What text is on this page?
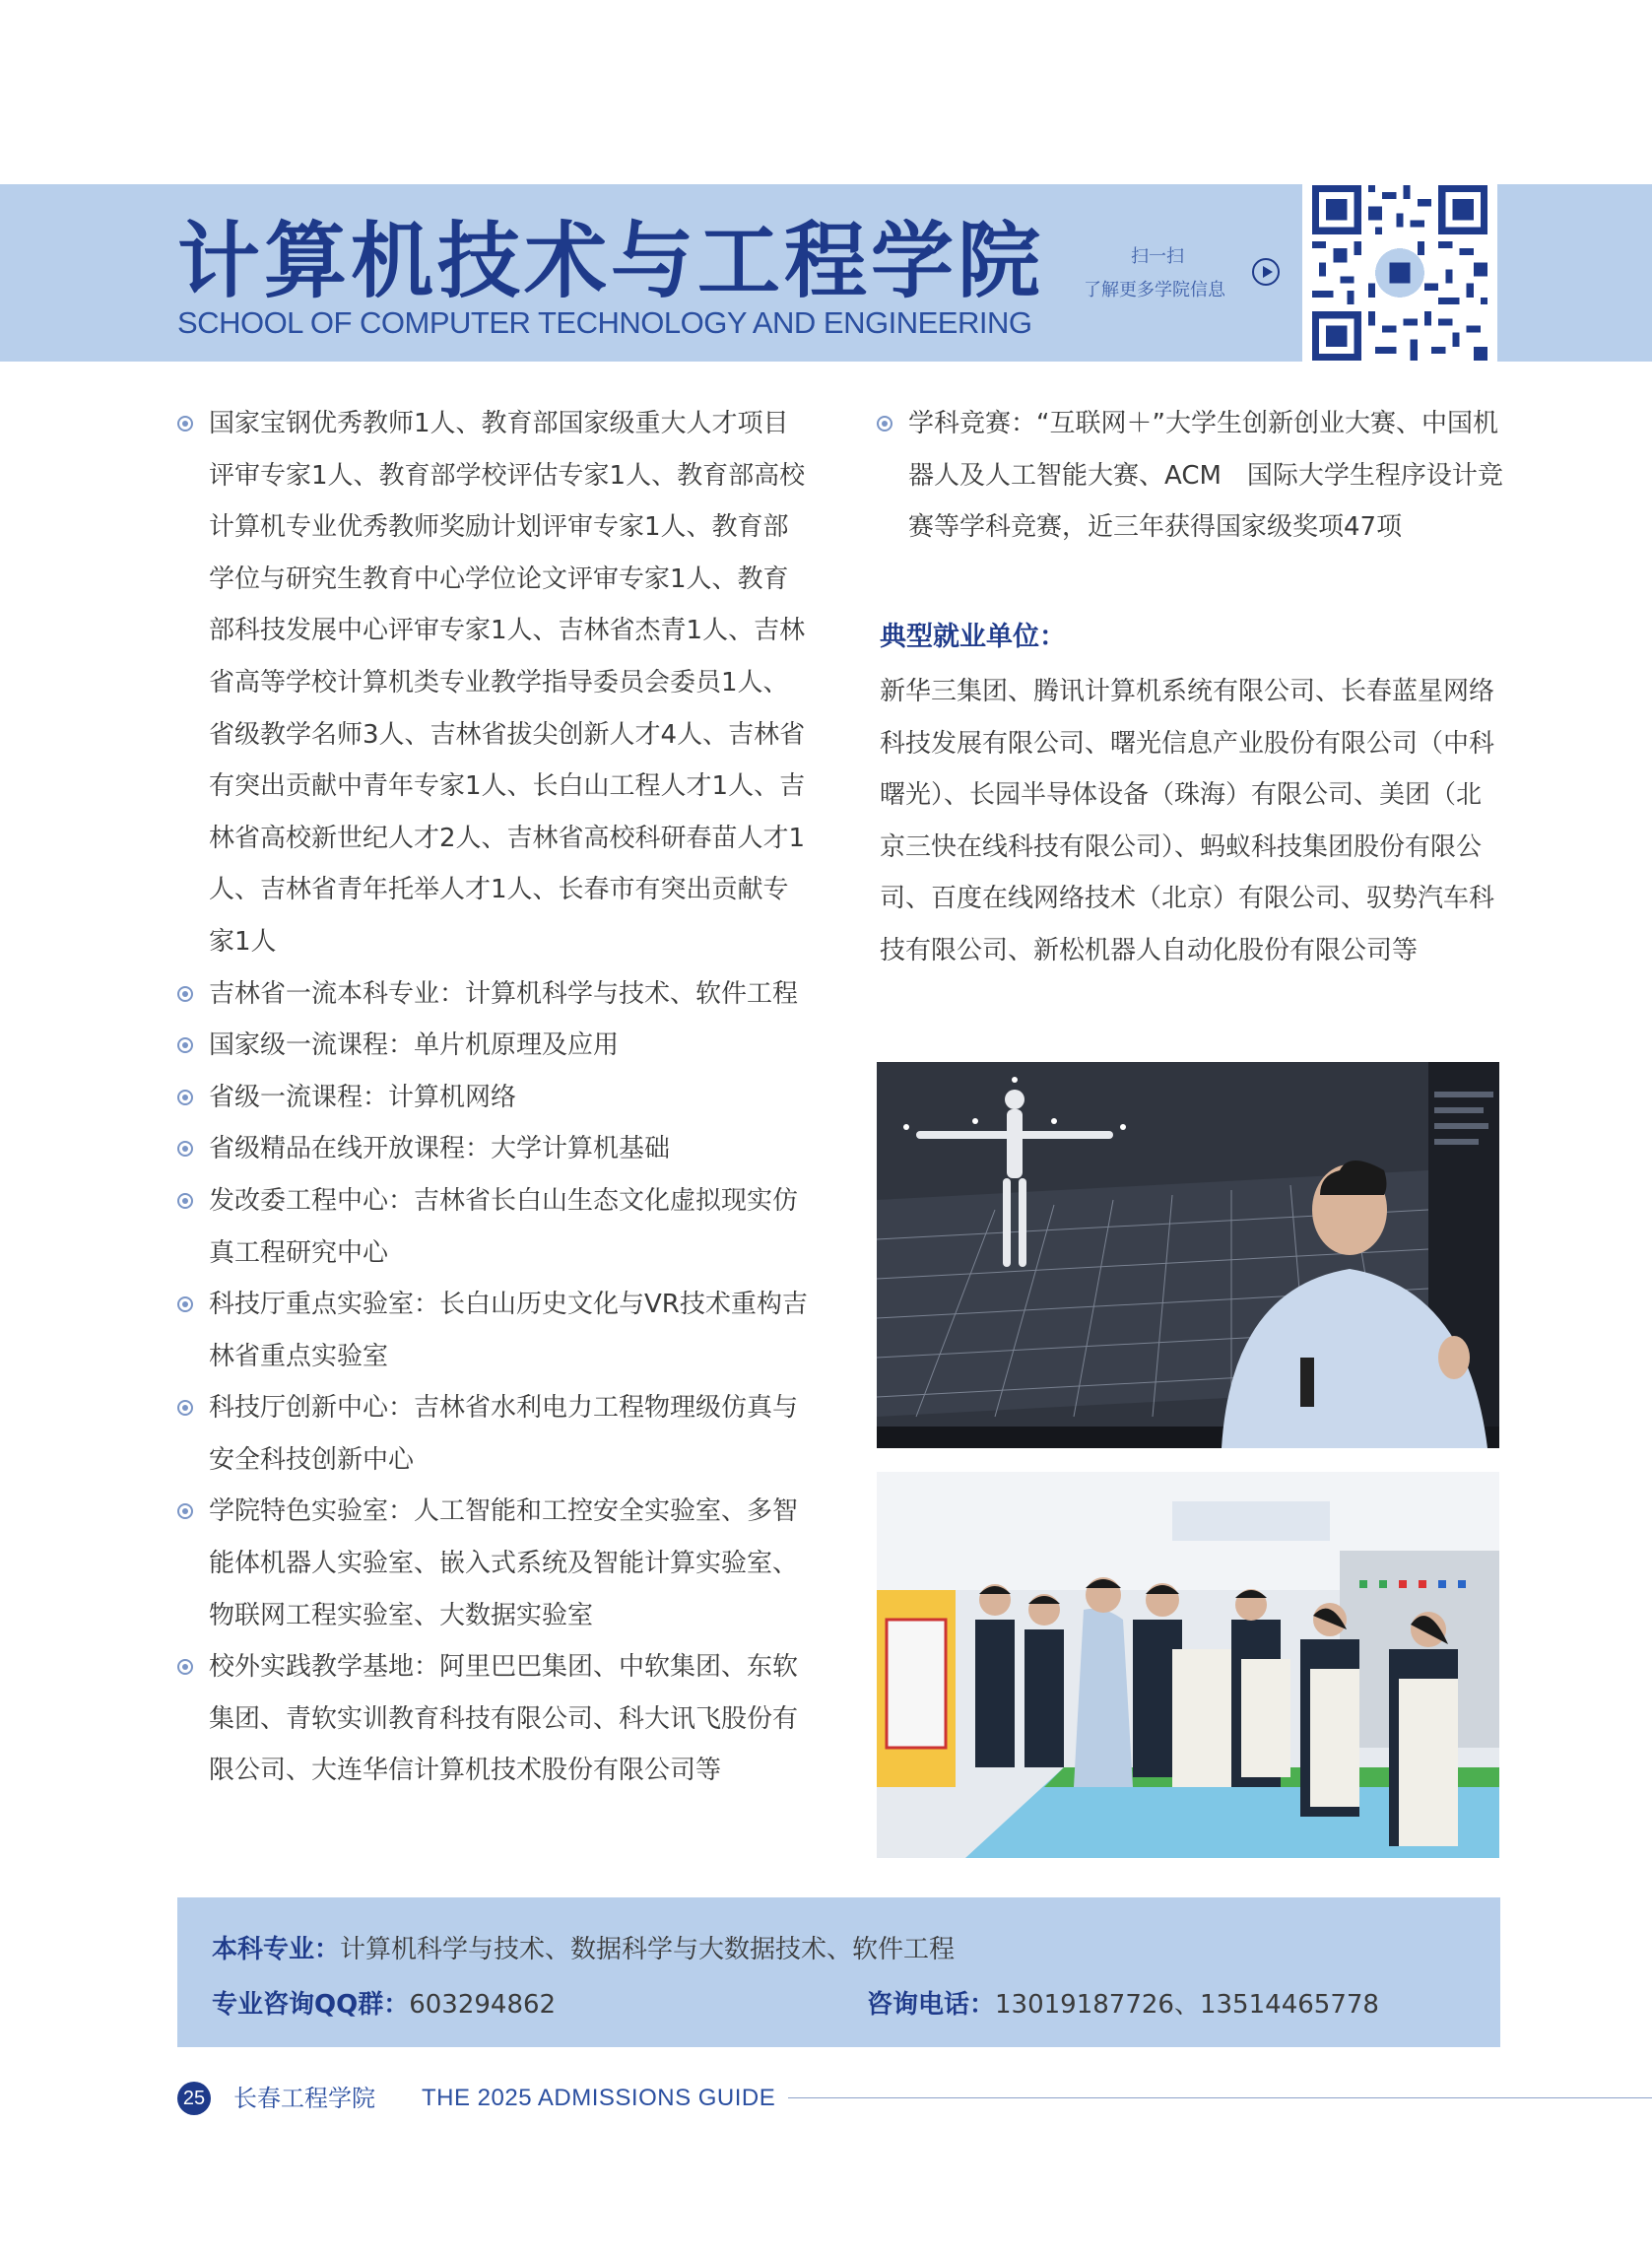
计算机技术与工程学院
SCHOOL OF COMPUTER TECHNOLOGY AND ENGINEERING
扫一扫
了解更多学院信息
国家宝钢优秀教师1人、教育部国家级重大人才项目评审专家1人、教育部学校评估专家1人、教育部高校计算机专业优秀教师奖励计划评审专家1人、教育部学位与研究生教育中心学位论文评审专家1人、教育部科技发展中心评审专家1人、吉林省杰青1人、吉林省高等学校计算机类专业教学指导委员会委员1人、省级教学名师3人、吉林省拔尖创新人才4人、吉林省有突出贡献中青年专家1人、长白山工程人才1人、吉林省高校新世纪人才2人、吉林省高校科研春苗人才1人、吉林省青年托举人才1人、长春市有突出贡献专家1人
吉林省一流本科专业：计算机科学与技术、软件工程
国家级一流课程：单片机原理及应用
省级一流课程：计算机网络
省级精品在线开放课程：大学计算机基础
发改委工程中心：吉林省长白山生态文化虚拟现实仿真工程研究中心
科技厅重点实验室：长白山历史文化与VR技术重构吉林省重点实验室
科技厅创新中心：吉林省水利电力工程物理级仿真与安全科技创新中心
学院特色实验室：人工智能和工控安全实验室、多智能体机器人实验室、嵌入式系统及智能计算实验室、物联网工程实验室、大数据实验室
校外实践教学基地：阿里巴巴集团、中软集团、东软集团、青软实训教育科技有限公司、科大讯飞股份有限公司、大连华信计算机技术股份有限公司等
学科竞赛：“互联网＋”大学生创新创业大赛、中国机器人及人工智能大赛、ACM　国际大学生程序设计竞赛等学科竞赛，近三年获得国家级奖项47项
典型就业单位：
新华三集团、腾讯计算机系统有限公司、长春蓝星网络科技发展有限公司、曙光信息产业股份有限公司（中科曙光）、长园半导体设备（珠海）有限公司、美团（北京三快在线科技有限公司）、蚂蚁科技集团股份有限公司、百度在线网络技术（北京）有限公司、驭势汽车科技有限公司、新松机器人自动化股份有限公司等
本科专业：计算机科学与技术、数据科学与大数据技术、软件工程
专业咨询QQ群：603294862	咨询电话：13019187726、13514465778
25 长春工程学院 THE 2025 ADMISSIONS GUIDE
